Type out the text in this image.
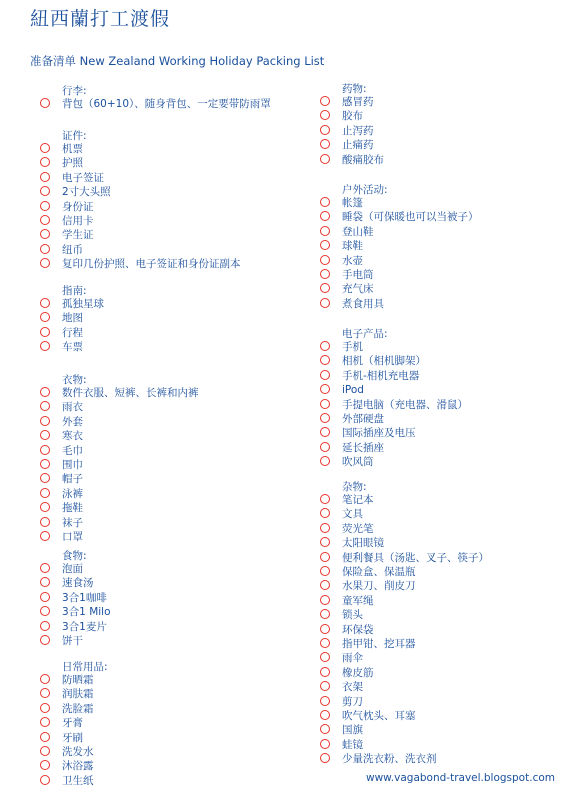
紐西蘭打工渡假
准备清单 New Zealand Working Holiday Packing List
行李:
背包（60+10）、随身背包、一定要带防雨罩
证件:
机票
护照
电子签证
2寸大头照
身份证
信用卡
学生证
纽币
复印几份护照、电子签证和身份证副本
指南:
孤独星球
地图
行程
车票
衣物:
数件衣服、短裤、长裤和内裤
雨衣
外套
寒衣
毛巾
围巾
帽子
泳裤
拖鞋
袜子
口罩
食物:
泡面
速食汤
3合1咖啡
3合1 Milo
3合1麦片
饼干
日常用品:
防晒霜
润肤霜
洗脸霜
牙膏
牙刷
洗发水
沐浴露
卫生纸
药物:
感冒药
胶布
止泻药
止痛药
酸痛胶布
户外活动:
帐篷
睡袋（可保暖也可以当被子）
登山鞋
球鞋
水壶
手电筒
充气床
煮食用具
电子产品:
手机
相机（相机脚架）
手机-相机充电器
iPod
手提电脑（充电器、滑鼠）
外部硬盘
国际插座及电压
延长插座
吹风筒
杂物:
笔记本
文具
荧光笔
太阳眼镜
便利餐具（汤匙、叉子、筷子）
保险盒、保温瓶
水果刀、削皮刀
童军绳
锁头
环保袋
指甲钳、挖耳器
雨伞
橡皮筋
衣架
剪刀
吹气枕头、耳塞
国旗
蛙镜
少量洗衣粉、洗衣剂
www.vagabond-travel.blogspot.com
